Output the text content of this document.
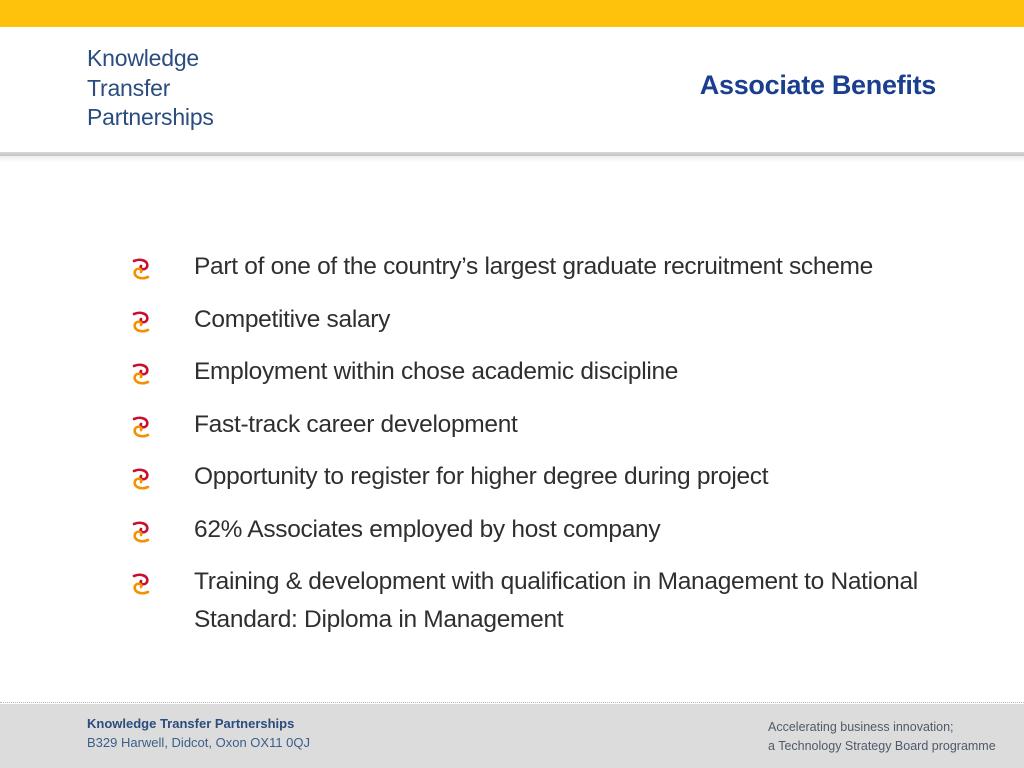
Knowledge
Transfer
Partnerships
Associate Benefits
Part of one of the country’s largest graduate recruitment scheme
Competitive salary
Employment within chose academic discipline
Fast-track career development
Opportunity to register for higher degree during project
62% Associates employed by host company
Training & development with qualification in Management to National Standard: Diploma in Management
Knowledge Transfer Partnerships
B329 Harwell, Didcot, Oxon OX11 0QJ
Accelerating business innovation;
a Technology Strategy Board programme
